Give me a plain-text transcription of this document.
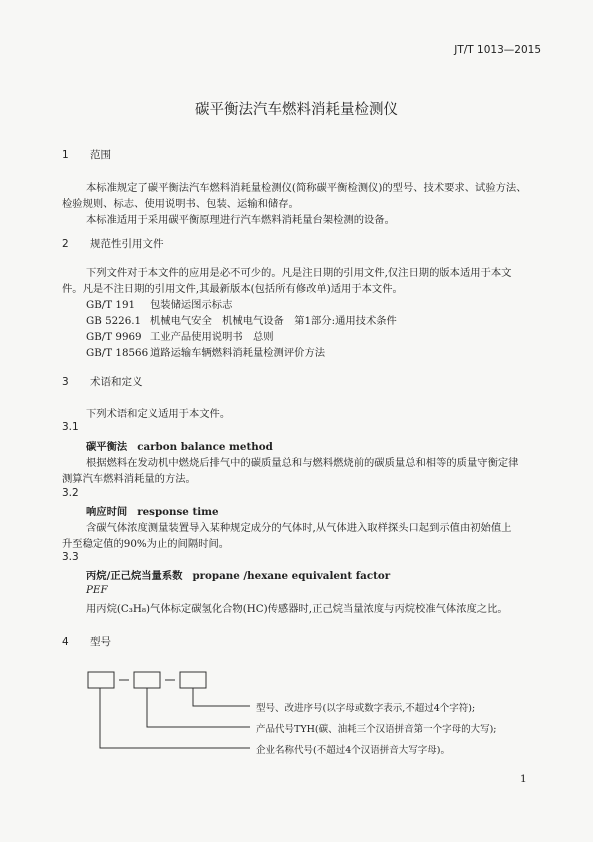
JT/T 1013—2015
碳平衡法汽车燃料消耗量检测仪
1 范围
本标准规定了碳平衡法汽车燃料消耗量检测仪(简称碳平衡检测仪)的型号、技术要求、试验方法、
检验规则、标志、使用说明书、包装、运输和储存。
本标准适用于采用碳平衡原理进行汽车燃料消耗量台架检测的设备。
2 规范性引用文件
下列文件对于本文件的应用是必不可少的。凡是注日期的引用文件,仅注日期的版本适用于本文
件。凡是不注日期的引用文件,其最新版本(包括所有修改单)适用于本文件。
GB/T 191 包装储运图示标志
GB 5226.1 机械电气安全　机械电气设备　第1部分:通用技术条件
GB/T 9969 工业产品使用说明书　总则
GB/T 18566 道路运输车辆燃料消耗量检测评价方法
3 术语和定义
下列术语和定义适用于本文件。
3.1
碳平衡法 carbon balance method
根据燃料在发动机中燃烧后排气中的碳质量总和与燃料燃烧前的碳质量总和相等的质量守衡定律
测算汽车燃料消耗量的方法。
3.2
响应时间 response time
含碳气体浓度测量装置导入某种规定成分的气体时,从气体进入取样探头口起到示值由初始值上
升至稳定值的90%为止的间隔时间。
3.3
丙烷/正己烷当量系数 propane /hexane equivalent factor
PEF
用丙烷(C₃H₈)气体标定碳氢化合物(HC)传感器时,正己烷当量浓度与丙烷校准气体浓度之比。
4 型号
型号、改进序号(以字母或数字表示,不超过4个字符);
产品代号TYH(碳、油耗三个汉语拼音第一个字母的大写);
企业名称代号(不超过4个汉语拼音大写字母)。
1
